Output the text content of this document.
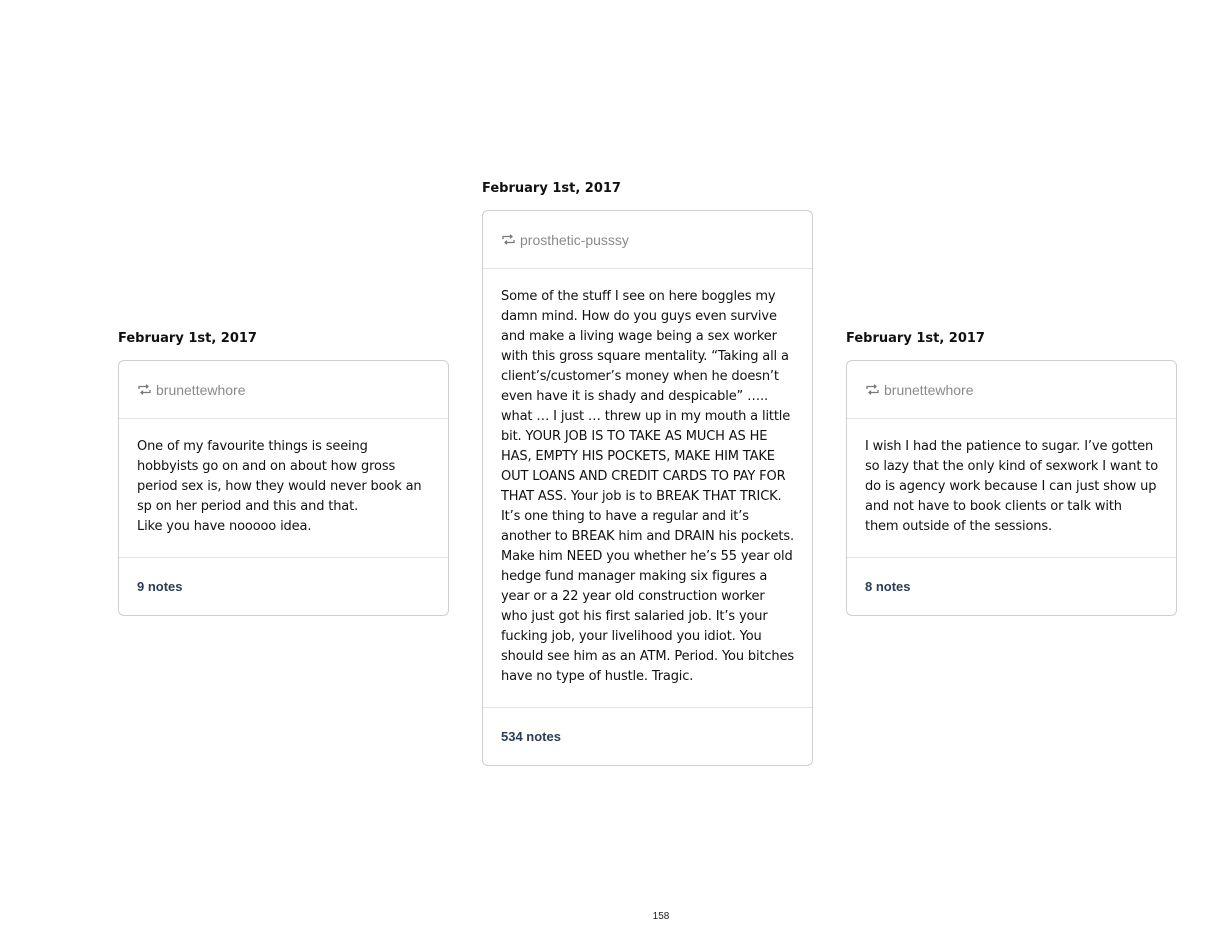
February 1st, 2017
brunettewhore

One of my favourite things is seeing hobbyists go on and on about how gross period sex is, how they would never book an sp on her period and this and that.
Like you have nooooo idea.

9 notes
February 1st, 2017
prosthetic-pusssy

Some of the stuff I see on here boggles my damn mind. How do you guys even survive and make a living wage being a sex worker with this gross square mentality. “Taking all a client’s/customer’s money when he doesn’t even have it is shady and despicable” ….. what … I just … threw up in my mouth a little bit. YOUR JOB IS TO TAKE AS MUCH AS HE HAS, EMPTY HIS POCKETS, MAKE HIM TAKE OUT LOANS AND CREDIT CARDS TO PAY FOR THAT ASS. Your job is to BREAK THAT TRICK. It’s one thing to have a regular and it’s another to BREAK him and DRAIN his pockets. Make him NEED you whether he’s 55 year old hedge fund manager making six figures a year or a 22 year old construction worker who just got his first salaried job. It’s your fucking job, your livelihood you idiot. You should see him as an ATM. Period. You bitches have no type of hustle. Tragic.

534 notes
February 1st, 2017
brunettewhore

I wish I had the patience to sugar. I’ve gotten so lazy that the only kind of sexwork I want to do is agency work because I can just show up and not have to book clients or talk with them outside of the sessions.

8 notes
158
